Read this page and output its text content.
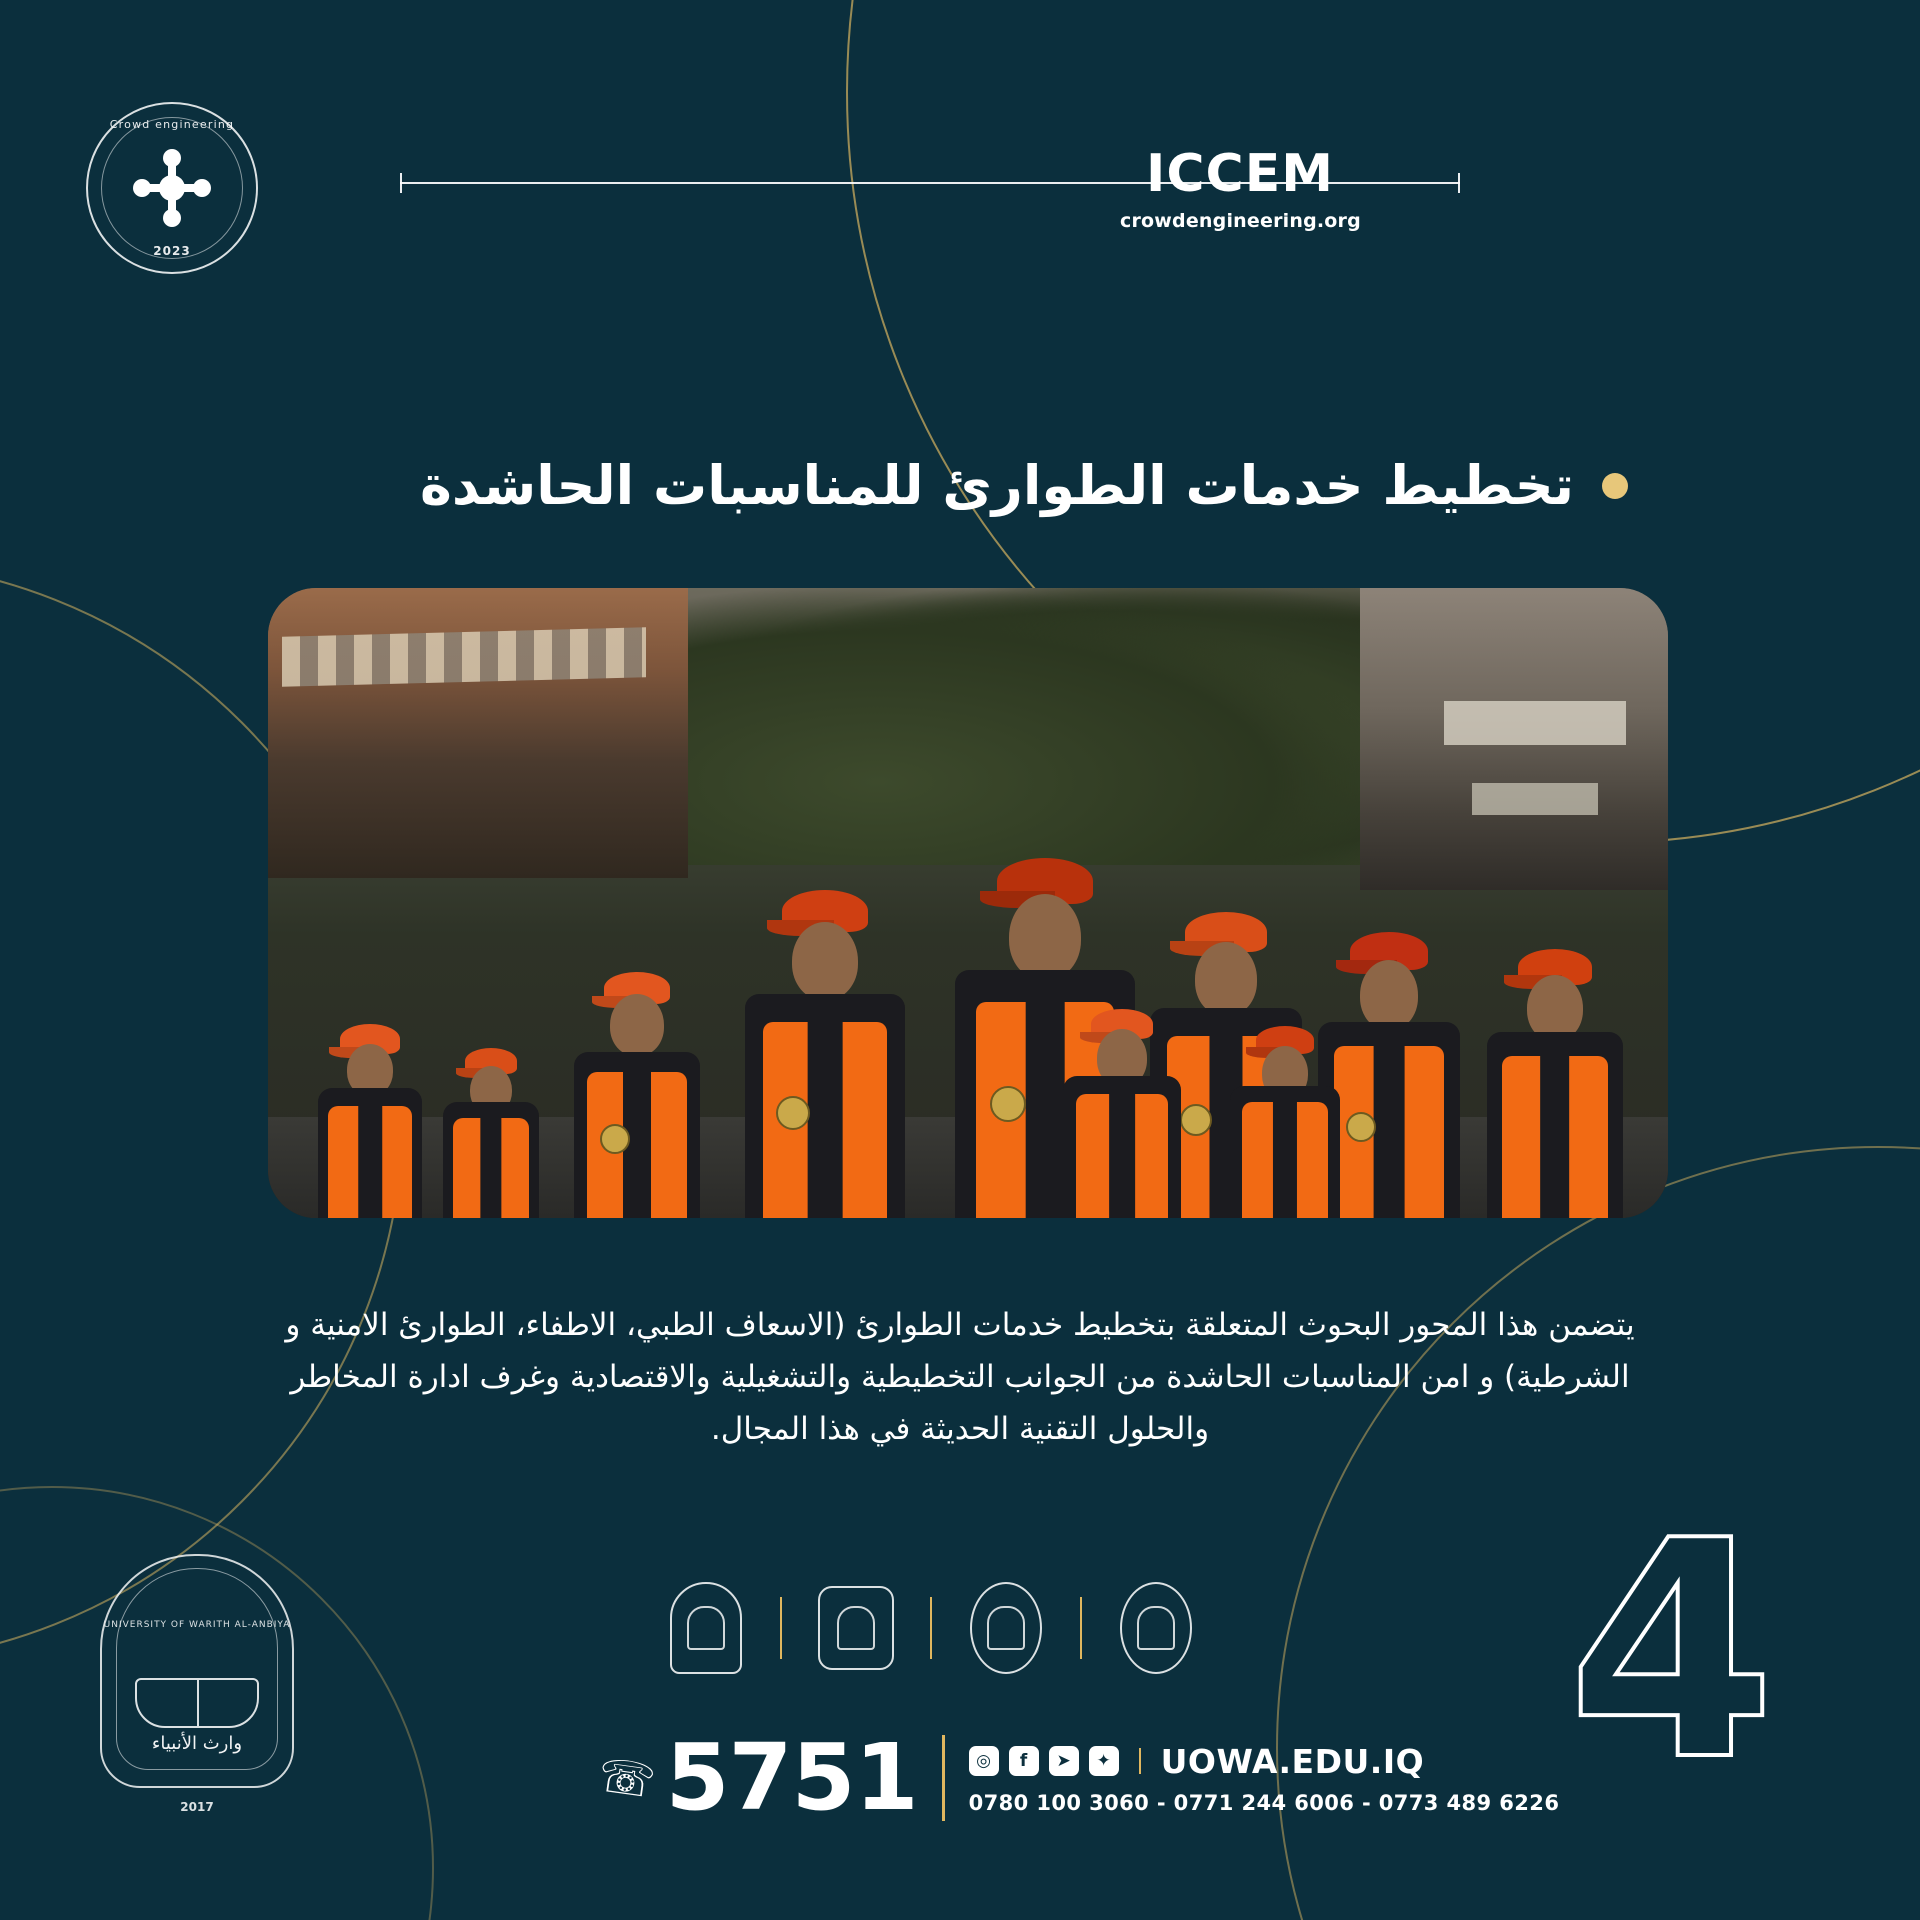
Crowd engineering
2023
ICCEM
crowdengineering.org
تخطيط خدمات الطوارئ للمناسبات الحاشدة

يتضمن هذا المحور البحوث المتعلقة بتخطيط خدمات الطوارئ (الاسعاف الطبي، الاطفاء، الطوارئ الامنية و الشرطية) و امن المناسبات الحاشدة من الجوانب التخطيطية والتشغيلية والاقتصادية وغرف ادارة المخاطر والحلول التقنية الحديثة في هذا المجال.

4
UNIVERSITY OF WARITH AL-ANBIYA
وارث الأنبياء
2017	☏ 5751	◎	f	➤	✦ UOWA.EDU.IQ
0780 100 3060 - 0771 244 6006 - 0773 489 6226
